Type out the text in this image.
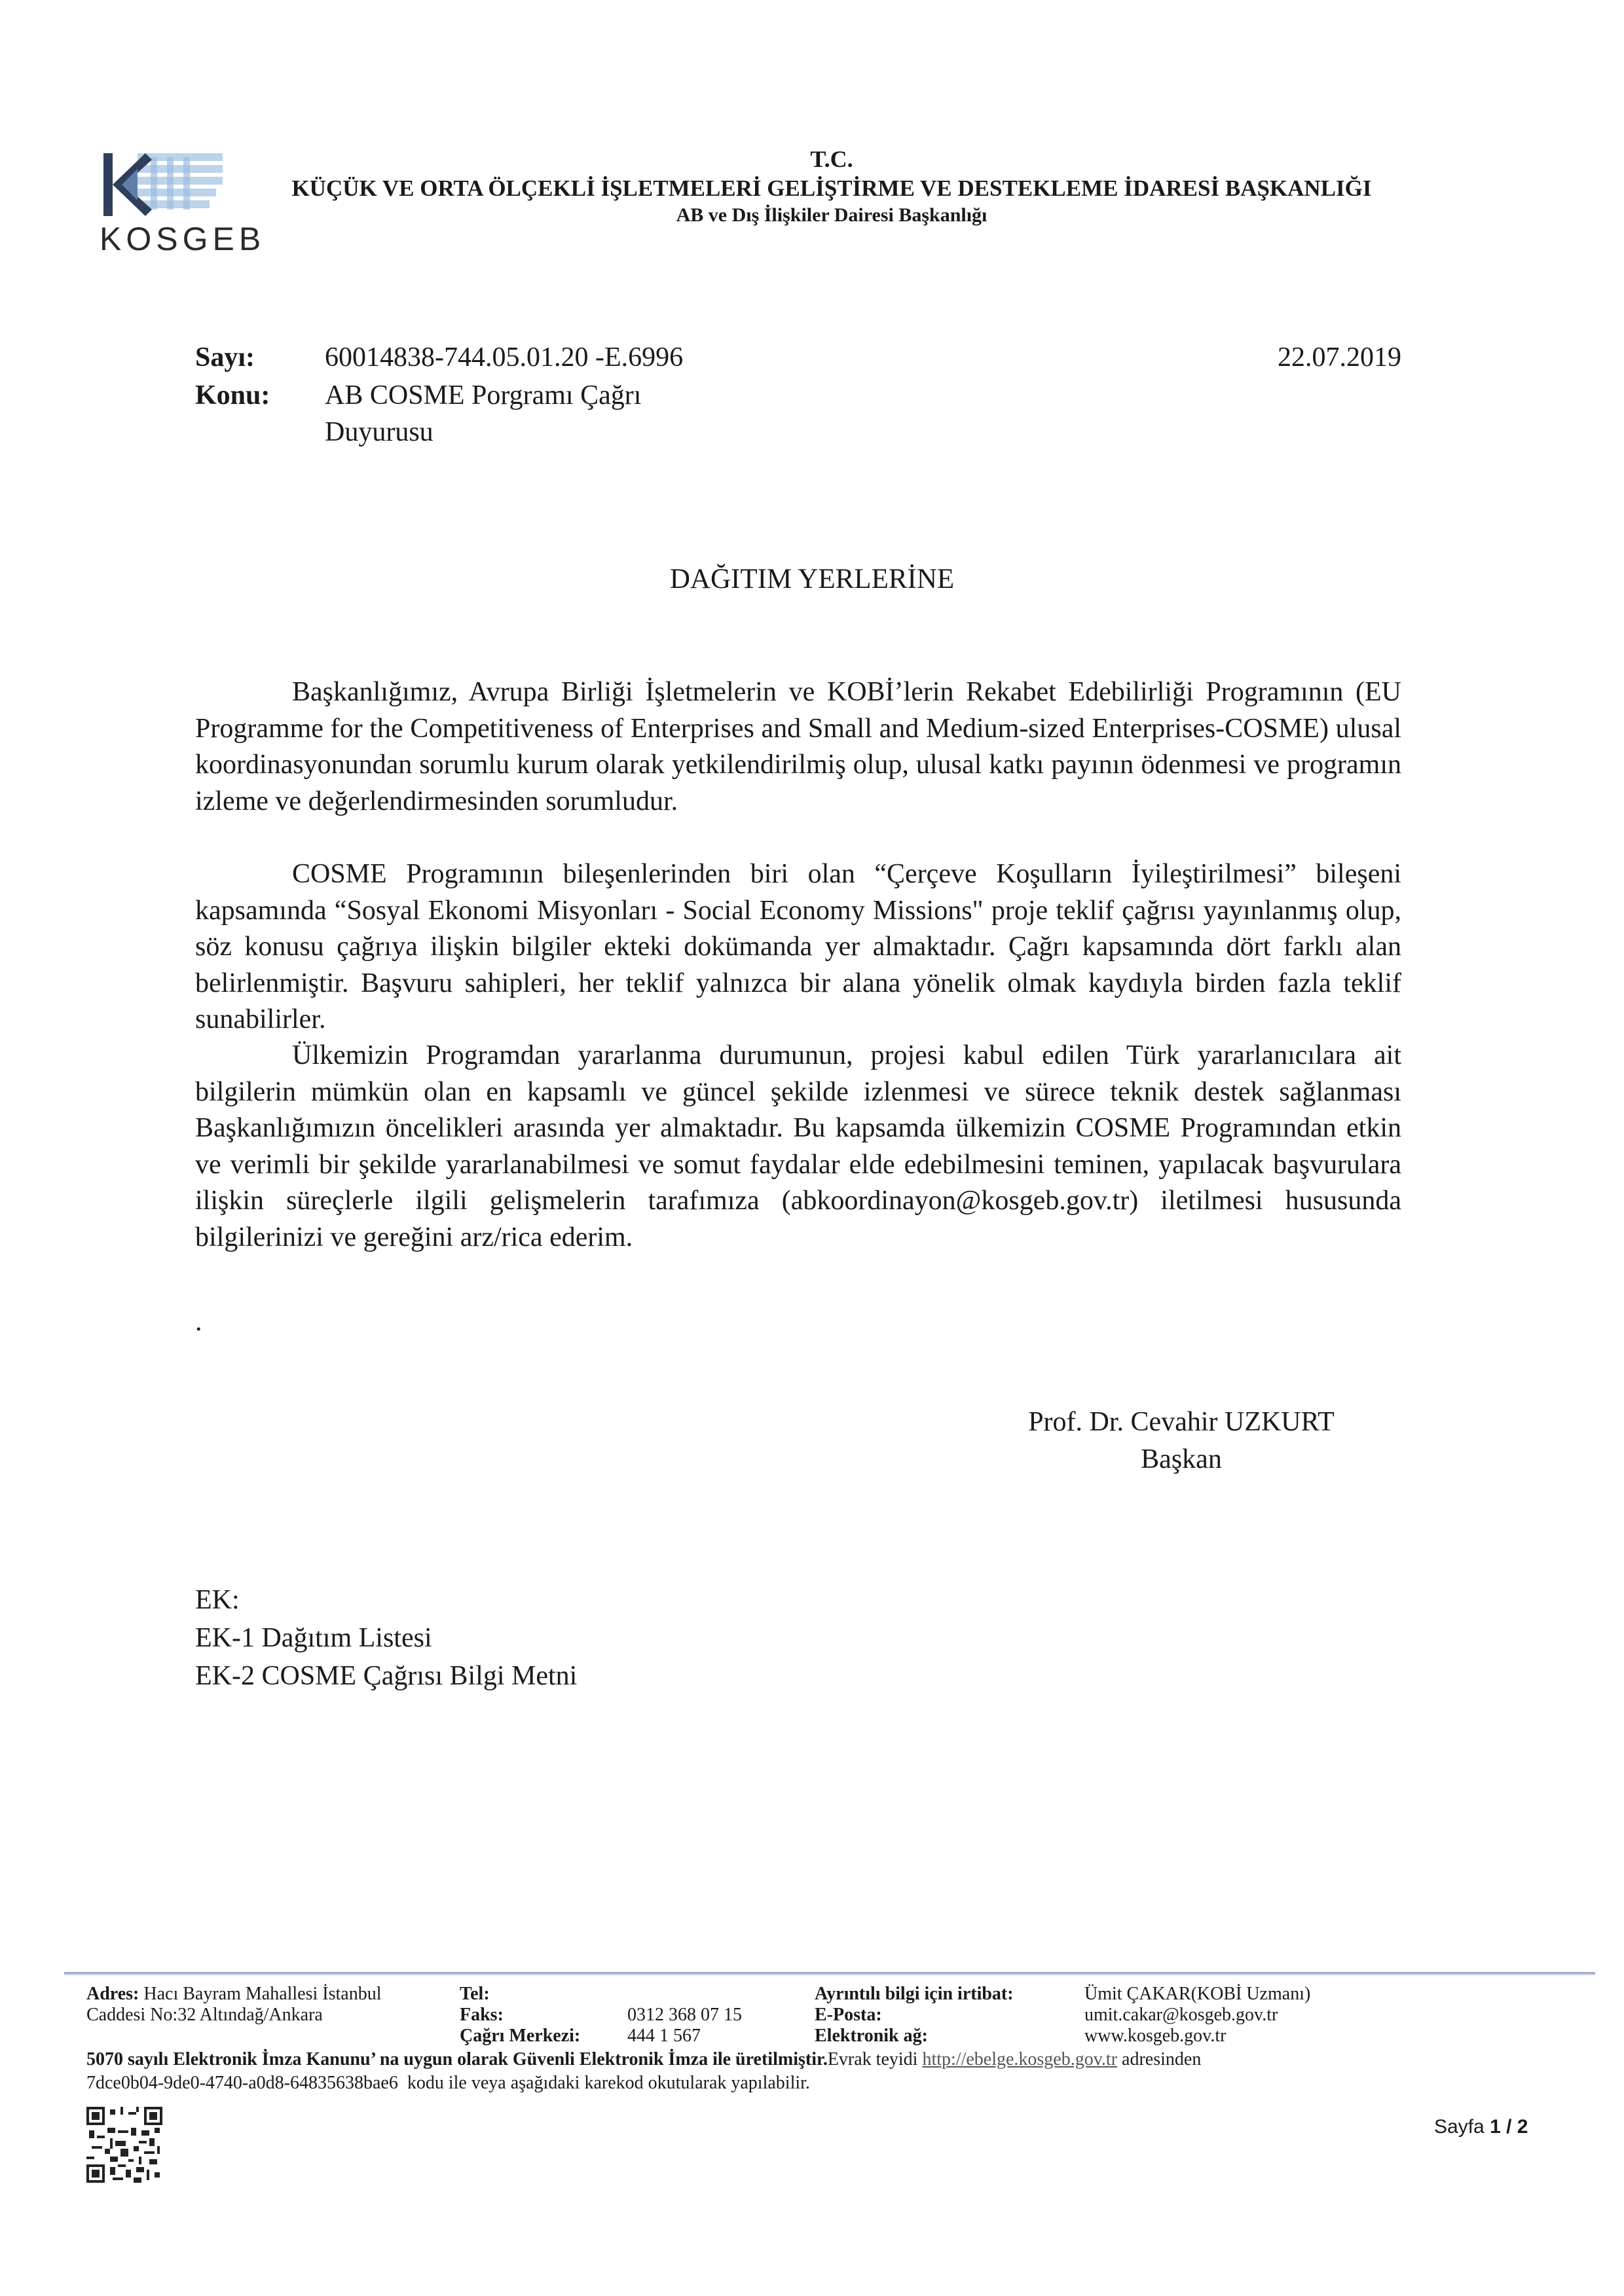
KOSGEB
T.C.
KÜÇÜK VE ORTA ÖLÇEKLİ İŞLETMELERİ GELİŞTİRME VE DESTEKLEME İDARESİ BAŞKANLIĞI
AB ve Dış İlişkiler Dairesi Başkanlığı
Sayı:	60014838-744.05.01.20 -E.6996	22.07.2019
Konu: AB COSME Porgramı Çağrı
Duyurusu
DAĞITIM YERLERİNE

Başkanlığımız, Avrupa Birliği İşletmelerin ve KOBİ’lerin Rekabet Edebilirliği Programının (EU Programme for the Competitiveness of Enterprises and Small and Medium-sized Enterprises-COSME) ulusal koordinasyonundan sorumlu kurum olarak yetkilendirilmiş olup, ulusal katkı payının ödenmesi ve programın izleme ve değerlendirmesinden sorumludur.

COSME Programının bileşenlerinden biri olan “Çerçeve Koşulların İyileştirilmesi” bileşeni kapsamında “Sosyal Ekonomi Misyonları - Social Economy Missions" proje teklif çağrısı yayınlanmış olup, söz konusu çağrıya ilişkin bilgiler ekteki dokümanda yer almaktadır. Çağrı kapsamında dört farklı alan belirlenmiştir. Başvuru sahipleri, her teklif yalnızca bir alana yönelik olmak kaydıyla birden fazla teklif sunabilirler.

Ülkemizin Programdan yararlanma durumunun, projesi kabul edilen Türk yararlanıcılara ait bilgilerin mümkün olan en kapsamlı ve güncel şekilde izlenmesi ve sürece teknik destek sağlanması Başkanlığımızın öncelikleri arasında yer almaktadır. Bu kapsamda ülkemizin COSME Programından etkin ve verimli bir şekilde yararlanabilmesi ve somut faydalar elde edebilmesini teminen, yapılacak başvurulara ilişkin süreçlerle ilgili gelişmelerin tarafımıza (abkoordinayon@kosgeb.gov.tr) iletilmesi hususunda bilgilerinizi ve gereğini arz/rica ederim.

.
Prof. Dr. Cevahir UZKURT
Başkan
EK:
EK-1 Dağıtım Listesi
EK-2 COSME Çağrısı Bilgi Metni
Adres: Hacı Bayram Mahallesi İstanbul
Caddesi No:32 Altındağ/Ankara
Tel:
Faks:	0312 368 07 15
Çağrı Merkezi:	444 1 567
Ayrıntılı bilgi için irtibat:	Ümit ÇAKAR(KOBİ Uzmanı)
E-Posta:	umit.cakar@kosgeb.gov.tr
Elektronik ağ:	www.kosgeb.gov.tr
5070 sayılı Elektronik İmza Kanunu’ na uygun olarak Güvenli Elektronik İmza ile üretilmiştir.Evrak teyidi http://ebelge.kosgeb.gov.tr adresinden
7dce0b04-9de0-4740-a0d8-64835638bae6 kodu ile veya aşağıdaki karekod okutularak yapılabilir.
Sayfa 1 / 2
